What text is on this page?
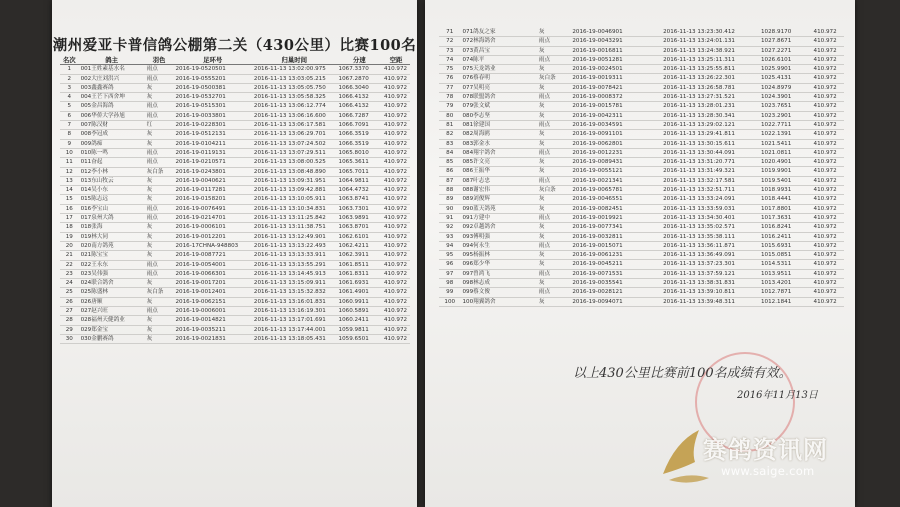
潮州爱亚卡普信鸽公棚第二关（430公里）比赛100名
名次	鸽主	羽色	足环号	归巢时间	分速	空距
1	001王姓素基水名	雨点	2016-19-0520501	2016-11-13 13:02:00.975	1067.3370	410.972
2	002大庄刘洪兴	雨点	2016-19-0555201	2016-11-13 13:03:05.215	1067.2870	410.972
3	003鑫鑫赛鸽	灰	2016-19-0500381	2016-11-13 13:05:05.750	1066.3040	410.972
4	004王芒下西舍坤	灰	2016-19-0532701	2016-11-13 13:05:58.325	1066.4132	410.972
5	005金昌海鸽	雨点	2016-19-0515301	2016-11-13 13:06:12.774	1066.4132	410.972
6	006华侨大学孙旭	雨点	2016-19-0033801	2016-11-13 13:06:16.600	1066.7287	410.972
7	007陈汉财	红	2016-19-0228301	2016-11-13 13:06:17.581	1066.7091	410.972
8	008李冠成	灰	2016-19-0512131	2016-11-13 13:06:29.701	1066.3519	410.972
9	009鸽痴	灰	2016-19-0104211	2016-11-13 13:07:24.502	1066.3519	410.972
10	010陈一鸣	雨点	2016-19-0119131	2016-11-13 13:07:29.511	1065.8010	410.972
11	011奋起	雨点	2016-19-0210571	2016-11-13 13:08:00.525	1065.3611	410.972
12	012李小林	灰白条	2016-19-0243801	2016-11-13 13:08:48.890	1065.7011	410.972
13	013东山牧云	灰	2016-19-0040621	2016-11-13 13:09:31.951	1064.9811	410.972
14	014吴小东	灰	2016-19-0117281	2016-11-13 13:09:42.881	1064.4732	410.972
15	015陈志远	灰	2016-19-0158201	2016-11-13 13:10:05.911	1063.8741	410.972
16	016李宝山	雨点	2016-19-0076491	2016-11-13 13:10:34.831	1063.7301	410.972
17	017泉州大鸽	雨点	2016-19-0214701	2016-11-13 13:11:25.842	1063.9891	410.972
18	018张海	灰	2016-19-0006101	2016-11-13 13:11:38.751	1063.8701	410.972
19	019林大同	灰	2016-19-0012201	2016-11-13 13:12:49.901	1062.6101	410.972
20	020南方鸽苑	灰	2016-17CHNA-948803	2016-11-13 13:13:22.493	1062.4211	410.972
21	021陈宝宝	灰	2016-19-0087721	2016-11-13 13:13:33.911	1062.3911	410.972
22	022王永东	雨点	2016-19-0054001	2016-11-13 13:13:55.291	1061.8511	410.972
23	023吴伟强	雨点	2016-19-0066301	2016-11-13 13:14:45.913	1061.8311	410.972
24	024联合鸽舍	灰	2016-19-0017201	2016-11-13 13:15:09.911	1061.6931	410.972
25	025陈盛林	灰白条	2016-19-0012401	2016-11-13 13:15:32.832	1061.4901	410.972
26	026唐顺	灰	2016-19-0062151	2016-11-13 13:16:01.831	1060.9911	410.972
27	027赵兴旺	雨点	2016-19-0006001	2016-11-13 13:16:19.301	1060.5891	410.972
28	028福州天健鸽业	灰	2016-19-0014821	2016-11-13 13:17:01.691	1060.2411	410.972
29	029郑金宝	灰	2016-19-0035211	2016-11-13 13:17:44.001	1059.9811	410.972
30	030金鹏赛鸽	灰	2016-19-0021831	2016-11-13 13:18:05.431	1059.6501	410.972
71	071鸽友之家	灰	2016-19-0046901	2016-11-13 13:23:30.412	1028.9170	410.972
72	072林海鸽舍	雨点	2016-19-0043291	2016-11-13 13:24:01.131	1027.8671	410.972
73	073黄昌宝	灰	2016-19-0016811	2016-11-13 13:24:38.921	1027.2271	410.972
74	074陈平	雨点	2016-19-0051281	2016-11-13 13:25:11.311	1026.6101	410.972
75	075天龙鸽业	灰	2016-19-0024501	2016-11-13 13:25:55.811	1025.9901	410.972
76	076蔡春明	灰白条	2016-19-0019311	2016-11-13 13:26:22.301	1025.4131	410.972
77	077吴明亮	灰	2016-19-0078421	2016-11-13 13:26:58.781	1024.8979	410.972
78	078联盟鸽舍	雨点	2016-19-0008372	2016-11-13 13:27:31.521	1024.3901	410.972
79	079张文斌	灰	2016-19-0015781	2016-11-13 13:28:01.231	1023.7651	410.972
80	080李志坚	灰	2016-19-0042311	2016-11-13 13:28:30.341	1023.2901	410.972
81	081徐建国	雨点	2016-19-0034591	2016-11-13 13:29:02.121	1022.7711	410.972
82	082周海鸥	灰	2016-19-0091101	2016-11-13 13:29:41.811	1022.1391	410.972
83	083郭金水	灰	2016-19-0062801	2016-11-13 13:30:15.611	1021.5411	410.972
84	084翔宇鸽舍	雨点	2016-19-0012231	2016-11-13 13:30:44.091	1021.0811	410.972
85	085许文亮	灰	2016-19-0089431	2016-11-13 13:31:20.771	1020.4901	410.972
86	086王振华	灰	2016-19-0055121	2016-11-13 13:31:49.321	1019.9901	410.972
87	087叶志忠	雨点	2016-19-0021341	2016-11-13 13:32:17.581	1019.5401	410.972
88	088谢宏伟	灰白条	2016-19-0065781	2016-11-13 13:32:51.711	1018.9931	410.972
89	089刘俊辉	灰	2016-19-0046551	2016-11-13 13:33:24.091	1018.4441	410.972
90	090蓝天鸽苑	灰	2016-19-0082451	2016-11-13 13:33:59.031	1017.8801	410.972
91	091方建中	雨点	2016-19-0019921	2016-11-13 13:34:30.401	1017.3631	410.972
92	092卓越鸽舍	灰	2016-19-0077341	2016-11-13 13:35:02.571	1016.8241	410.972
93	093傅明强	灰	2016-19-0032811	2016-11-13 13:35:38.111	1016.2411	410.972
94	094何永生	雨点	2016-19-0015071	2016-11-13 13:36:11.871	1015.6931	410.972
95	095杨振林	灰	2016-19-0061231	2016-11-13 13:36:49.091	1015.0851	410.972
96	096郑少华	灰	2016-19-0045211	2016-11-13 13:37:23.301	1014.5311	410.972
97	097曾鸿飞	雨点	2016-19-0071531	2016-11-13 13:37:59.121	1013.9511	410.972
98	098林志成	灰	2016-19-0035541	2016-11-13 13:38:31.831	1013.4201	410.972
99	099蔡文俊	雨点	2016-19-0028121	2016-11-13 13:39:10.811	1012.7871	410.972
100	100翔翼鸽舍	灰	2016-19-0094071	2016-11-13 13:39:48.311	1012.1841	410.972
以上430公里比赛前100名成绩有效。
2016年11月13日
赛鸽资讯网
www.saige.com
